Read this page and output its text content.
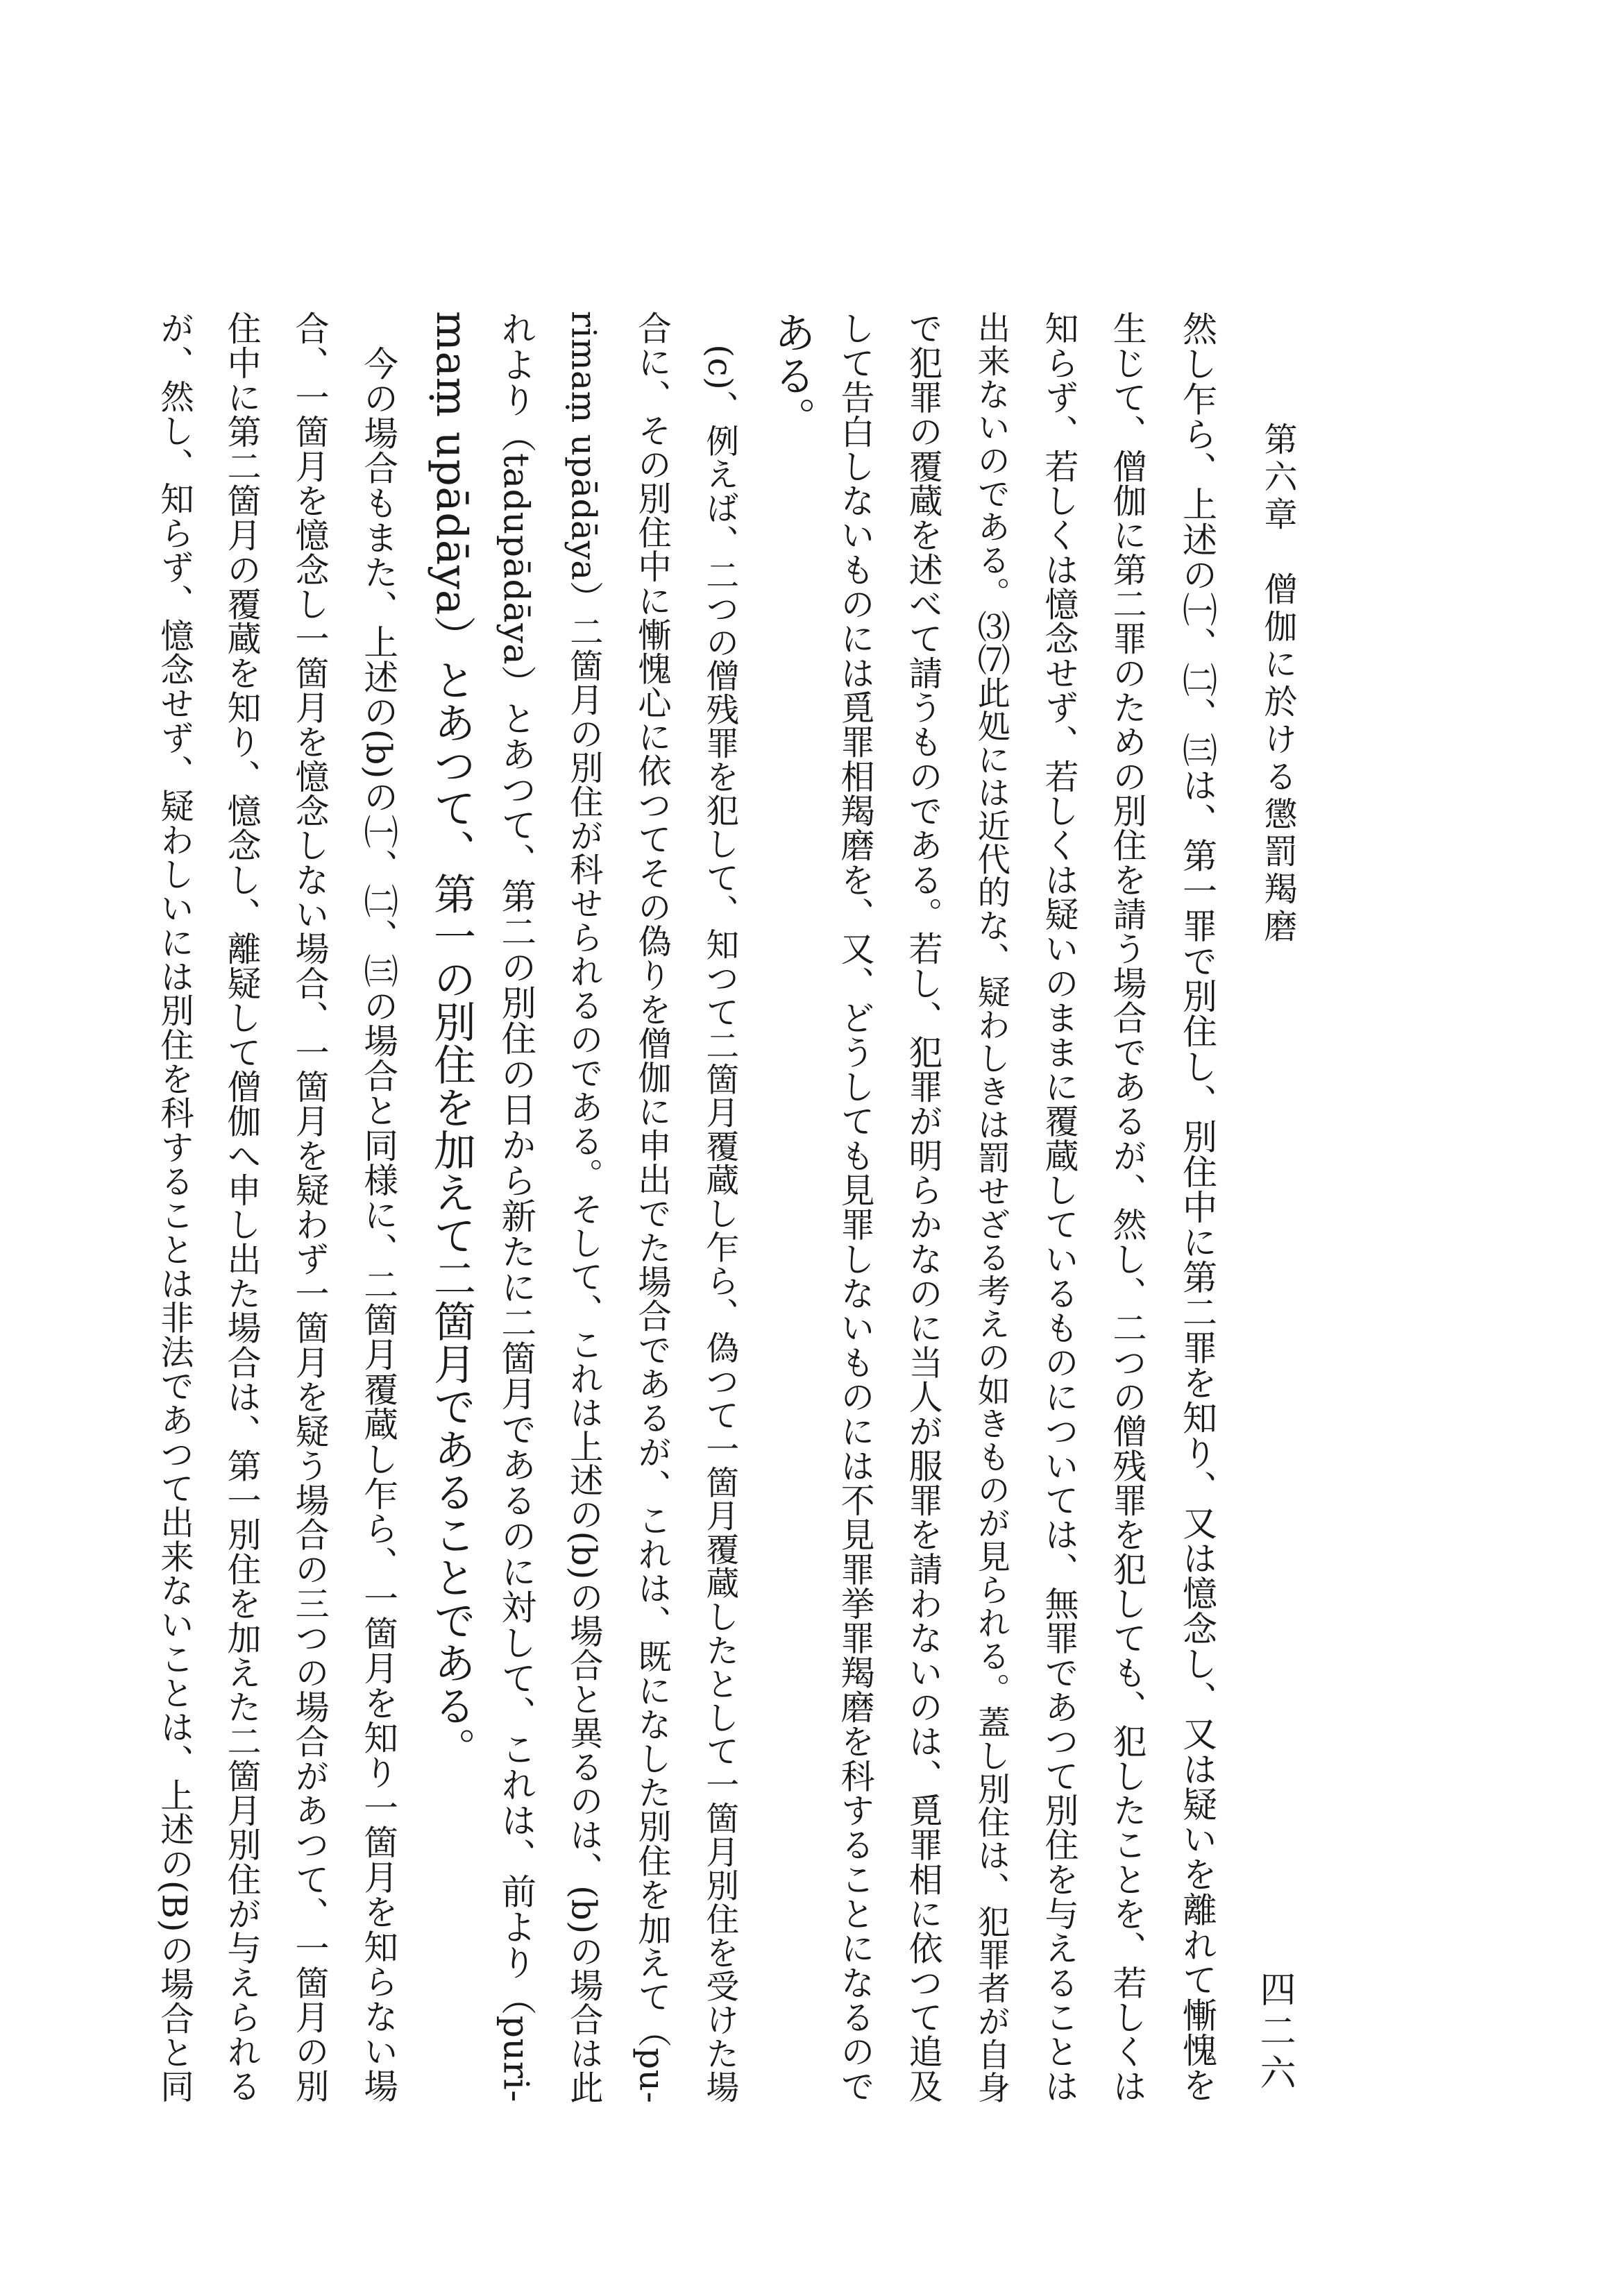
第六章　僧伽に於ける懲罰羯磨
四二六
然し乍ら、上述の㈠、㈡、㈢は、第一罪で別住し、別住中に第二罪を知り、又は憶念し、又は疑いを離れて慚愧を
生じて、僧伽に第二罪のための別住を請う場合であるが、然し、二つの僧残罪を犯しても、犯したことを、若しくは
知らず、若しくは憶念せず、若しくは疑いのままに覆蔵しているものについては、無罪であつて別住を与えることは
出来ないのである。⑶⑺此処には近代的な、疑わしきは罰せざる考えの如きものが見られる。蓋し別住は、犯罪者が自身
で犯罪の覆蔵を述べて請うものである。若し、犯罪が明らかなのに当人が服罪を請わないのは、覓罪相に依つて追及
して告白しないものには覓罪相羯磨を、又、どうしても見罪しないものには不見罪挙罪羯磨を科することになるので
ある。
　(c)、例えば、二つの僧残罪を犯して、知つて二箇月覆蔵し乍ら、偽つて一箇月覆蔵したとして一箇月別住を受けた場
合に、その別住中に慚愧心に依つてその偽りを僧伽に申出でた場合であるが、これは、既になした別住を加えて（pu-
rimaṃ upādāya）二箇月の別住が科せられるのである。そして、これは上述の(b)の場合と異るのは、(b)の場合は此
れより（tadupādāya）とあつて、第二の別住の日から新たに二箇月であるのに対して、これは、前より（puri-
maṃ upādāya）とあつて、第一の別住を加えて二箇月であることである。
　今の場合もまた、上述の(b)の㈠、㈡、㈢の場合と同様に、二箇月覆蔵し乍ら、一箇月を知り一箇月を知らない場
合、一箇月を憶念し一箇月を憶念しない場合、一箇月を疑わず一箇月を疑う場合の三つの場合があつて、一箇月の別
住中に第二箇月の覆蔵を知り、憶念し、離疑して僧伽へ申し出た場合は、第一別住を加えた二箇月別住が与えられる
が、然し、知らず、憶念せず、疑わしいには別住を科することは非法であつて出来ないことは、上述の(B)の場合と同
